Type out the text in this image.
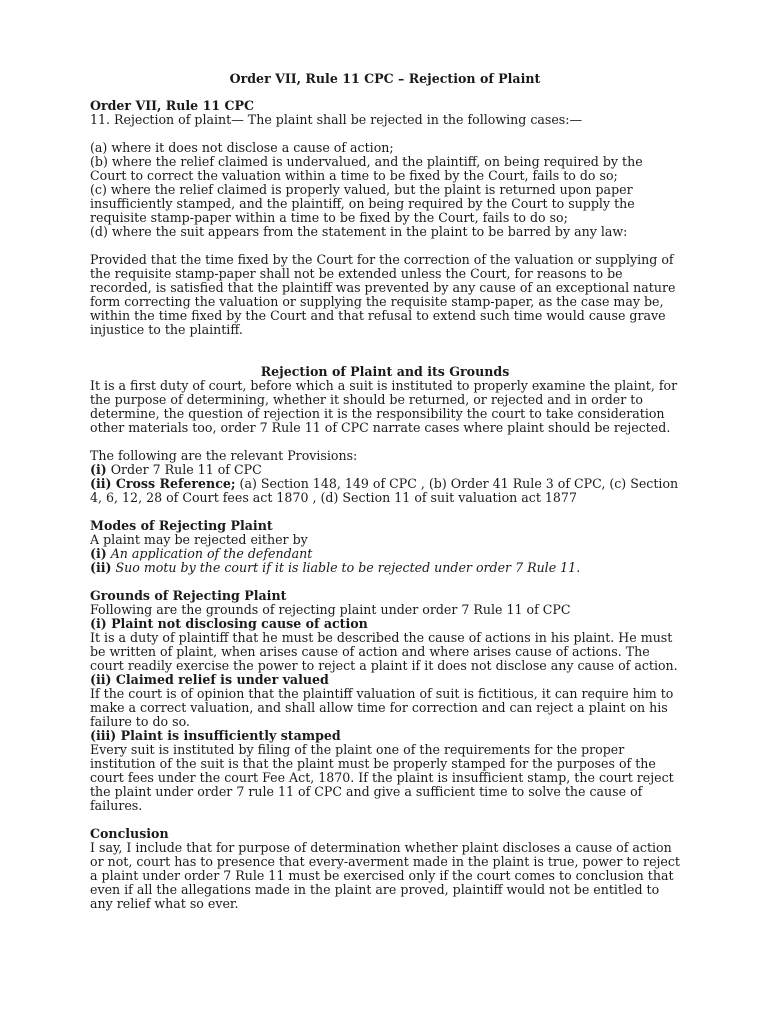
Order VII, Rule 11 CPC – Rejection of Plaint

Order VII, Rule 11 CPC

11. Rejection of plaint— The plaint shall be rejected in the following cases:—

(a) where it does not disclose a cause of action;

(b) where the relief claimed is undervalued, and the plaintiff, on being required by the Court to correct the valuation within a time to be fixed by the Court, fails to do so;

(c) where the relief claimed is properly valued, but the plaint is returned upon paper insufficiently stamped, and the plaintiff, on being required by the Court to supply the requisite stamp-paper within a time to be fixed by the Court, fails to do so;

(d) where the suit appears from the statement in the plaint to be barred by any law:

Provided that the time fixed by the Court for the correction of the valuation or supplying of the requisite stamp-paper shall not be extended unless the Court, for reasons to be recorded, is satisfied that the plaintiff was prevented by any cause of an exceptional nature form correcting the valuation or supplying the requisite stamp-paper, as the case may be, within the time fixed by the Court and that refusal to extend such time would cause grave injustice to the plaintiff.

Rejection of Plaint and its Grounds

It is a first duty of court, before which a suit is instituted to properly examine the plaint, for the purpose of determining, whether it should be returned, or rejected and in order to determine, the question of rejection it is the responsibility the court to take consideration other materials too, order 7 Rule 11 of CPC narrate cases where plaint should be rejected.

The following are the relevant Provisions:

(i) Order 7 Rule 11 of CPC

(ii) Cross Reference; (a) Section 148, 149 of CPC , (b) Order 41 Rule 3 of CPC, (c) Section 4, 6, 12, 28 of Court fees act 1870 , (d) Section 11 of suit valuation act 1877

Modes of Rejecting Plaint

A plaint may be rejected either by

(i) An application of the defendant

(ii) Suo motu by the court if it is liable to be rejected under order 7 Rule 11.

Grounds of Rejecting Plaint

Following are the grounds of rejecting plaint under order 7 Rule 11 of CPC

(i) Plaint not disclosing cause of action

It is a duty of plaintiff that he must be described the cause of actions in his plaint. He must be written of plaint, when arises cause of action and where arises cause of actions. The court readily exercise the power to reject a plaint if it does not disclose any cause of action.

(ii) Claimed relief is under valued

If the court is of opinion that the plaintiff valuation of suit is fictitious, it can require him to make a correct valuation, and shall allow time for correction and can reject a plaint on his failure to do so.

(iii) Plaint is insufficiently stamped

Every suit is instituted by filing of the plaint one of the requirements for the proper institution of the suit is that the plaint must be properly stamped for the purposes of the court fees under the court Fee Act, 1870. If the plaint is insufficient stamp, the court reject the plaint under order 7 rule 11 of CPC and give a sufficient time to solve the cause of failures.

Conclusion

I say, I include that for purpose of determination whether plaint discloses a cause of action or not, court has to presence that every-averment made in the plaint is true, power to reject a plaint under order 7 Rule 11 must be exercised only if the court comes to conclusion that even if all the allegations made in the plaint are proved, plaintiff would not be entitled to any relief what so ever.
